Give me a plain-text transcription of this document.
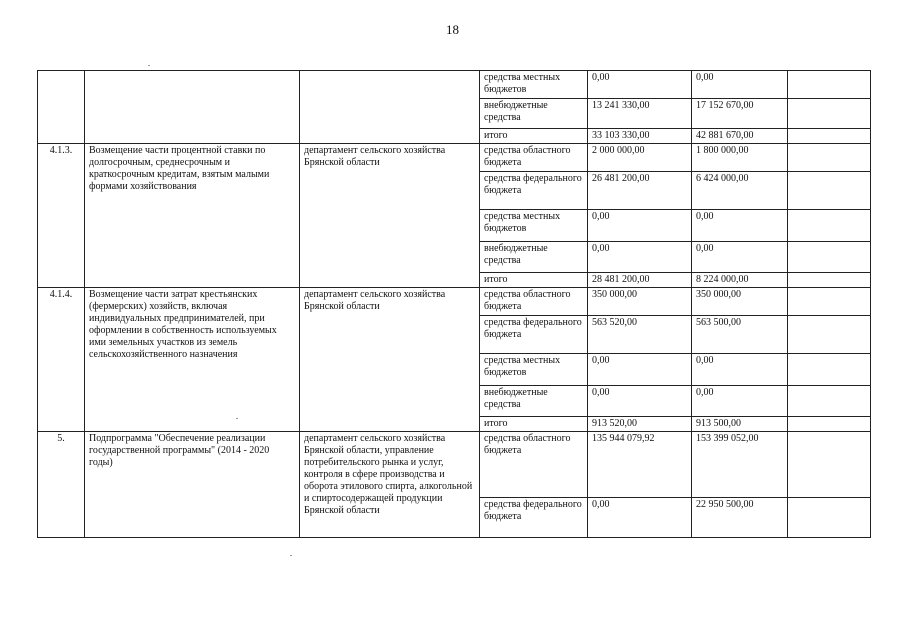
18
			средства местных бюджетов	0,00	0,00	
			внебюджетные средства	13 241 330,00	17 152 670,00	
			итого	33 103 330,00	42 881 670,00	
4.1.3.	Возмещение части процентной ставки по долгосрочным, среднесрочным и краткосрочным кредитам, взятым малыми формами хозяйствования	департамент сельского хозяйства Брянской области	средства областного бюджета	2 000 000,00	1 800 000,00	
			средства федерального бюджета	26 481 200,00	6 424 000,00	
			средства местных бюджетов	0,00	0,00	
			внебюджетные средства	0,00	0,00	
			итого	28 481 200,00	8 224 000,00	
4.1.4.	Возмещение части затрат крестьянских (фермерских) хозяйств, включая индивидуальных предпринимателей, при оформлении в собственность используемых ими земельных участков из земель сельскохозяйственного назначения	департамент сельского хозяйства Брянской области	средства областного бюджета	350 000,00	350 000,00	
			средства федерального бюджета	563 520,00	563 500,00	
			средства местных бюджетов	0,00	0,00	
			внебюджетные средства	0,00	0,00	
			итого	913 520,00	913 500,00	
5.	Подпрограмма "Обеспечение реализации государственной программы" (2014 - 2020 годы)	департамент сельского хозяйства Брянской области, управление потребительского рынка и услуг, контроля в сфере производства и оборота этилового спирта, алкогольной и спиртосодержащей продукции Брянской области	средства областного бюджета	135 944 079,92	153 399 052,00	
			средства федерального бюджета	0,00	22 950 500,00	
